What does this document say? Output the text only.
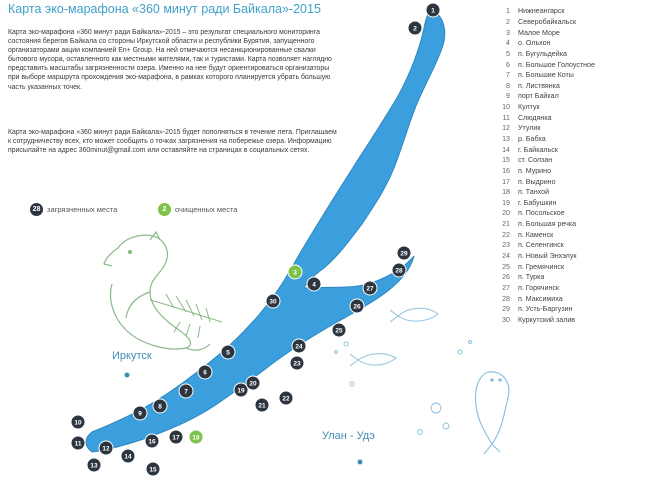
Карта эко-марафона «360 минут ради Байкала»-2015

Карта эко-марафона «360 минут ради Байкала»-2015 – это результат специального мониторинга состояния берегов Байкала со стороны Иркутской области и республики Бурятия, запущенного организаторами акции компанией En+ Group. На ней отмечаются несанкционированные свалки бытового мусора, оставленного как местными жителями, так и туристами. Карта позволяет наглядно представить масштабы загрязненности озера. Именно на нее будут ориентироваться организаторы при выборе маршрута прохождения эко-марафона, в рамках которого планируется убрать большую часть указанных точек.

Карта эко-марафона «360 минут ради Байкала»-2015 будет пополняться в течение лета. Приглашаем к сотрудничеству всех, кто может сообщить о точках загрязнения на побережье озера. Информацию присылайте на адрес 360minut@gmail.com или оставляйте на страницах в социальных сетях.

28 загрязненных места	2	очищенных места
1
2
3
4
5
6
7
8
9
10
11
12
13
14
15
16
17 18
19
20
21
22
23
24
25
26
27
28
29
30
Иркутск
Улан - Удэ
1 Нижнеангарск
2 Северобайкальск
3 Малое Море
4 о. Ольхон
5 п. Бугульдейка
6 п. Большое Голоустное
7 п. Большие Коты
8 п. Листвянка
9 порт Байкал
10 Култук
11 Слюдянка
12 Утулик
13 р. Бабха
14 г. Байкальск
15 ст. Солзан
16 п. Мурино
17 п. Выдрино
18 п. Танхой
19 г. Бабушкин
20 п. Посольское
21 п. Большая речка
22 п. Каменск
23 п. Селенгинск
24 п. Новый Энхэлук
25 п. Гремячинск
26 п. Турка
27 п. Горячинск
28 п. Максимиха
29 п. Усть-Баргузин
30 Куркутский залив
